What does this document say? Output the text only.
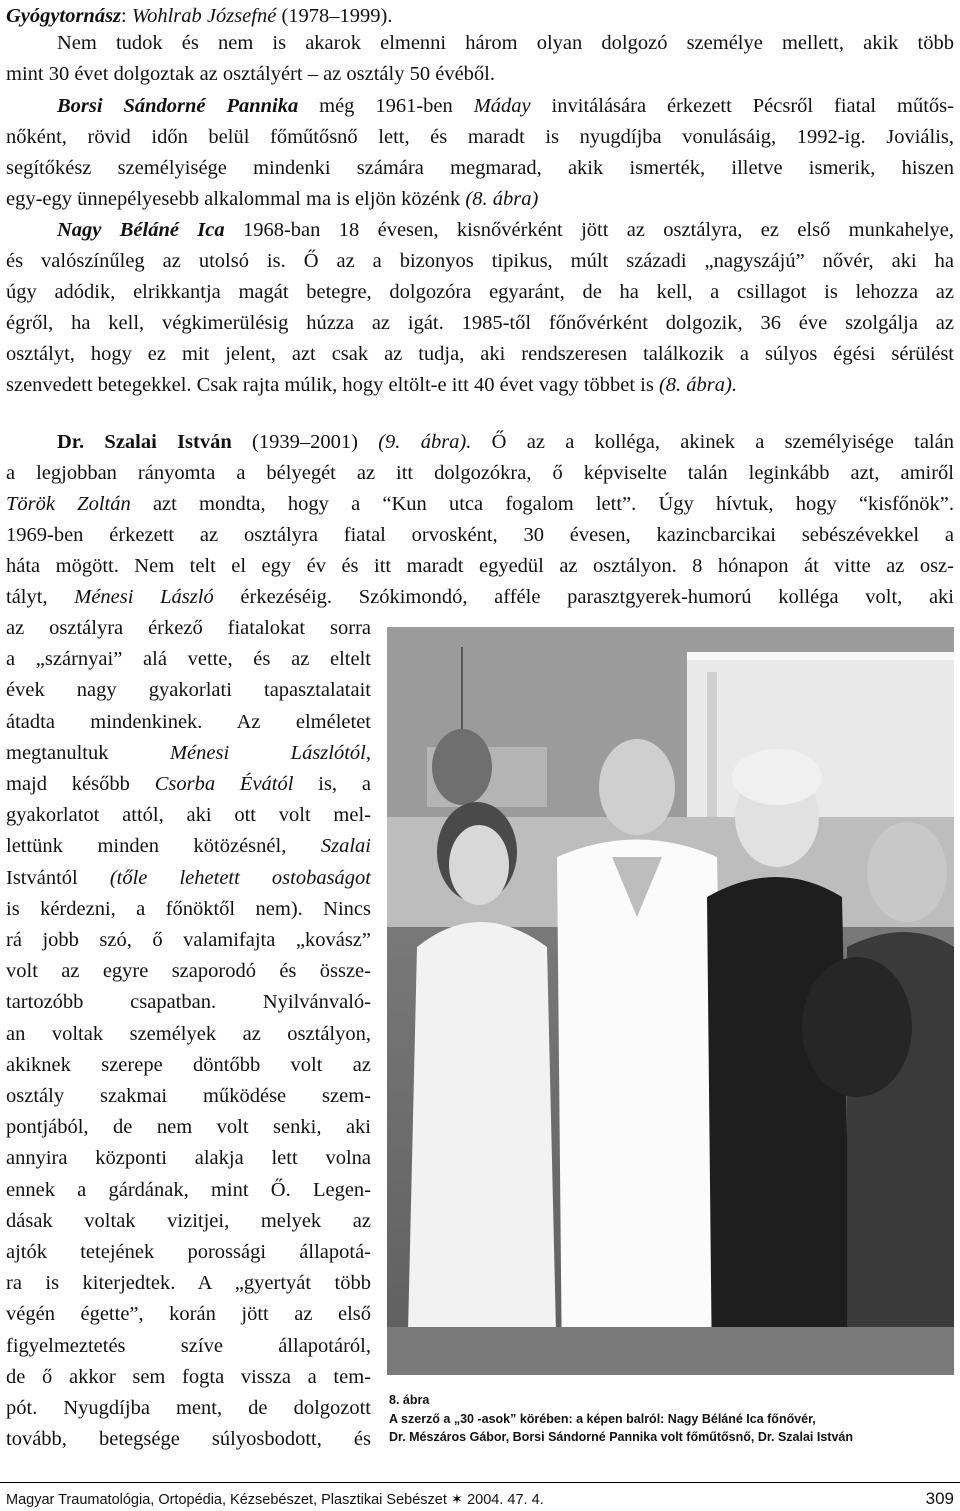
Gyógytornász: Wohlrab Józsefné (1978–1999).
Nem tudok és nem is akarok elmenni három olyan dolgozó személye mellett, akik több
mint 30 évet dolgoztak az osztályért – az osztály 50 évéből.
Borsi Sándorné Pannika még 1961-ben Máday invitálására érkezett Pécsről fiatal műtős-
nőként, rövid időn belül főműtősnő lett, és maradt is nyugdíjba vonulásáig, 1992-ig. Joviális,
segítőkész személyisége mindenki számára megmarad, akik ismerték, illetve ismerik, hiszen
egy-egy ünnepélyesebb alkalommal ma is eljön közénk (8. ábra)
Nagy Béláné Ica 1968-ban 18 évesen, kisnővérként jött az osztályra, ez első munkahelye,
és valószínűleg az utolsó is. Ő az a bizonyos tipikus, múlt századi „nagyszájú” nővér, aki ha
úgy adódik, elrikkantja magát betegre, dolgozóra egyaránt, de ha kell, a csillagot is lehozza az
égről, ha kell, végkimerülésig húzza az igát. 1985-től főnővérként dolgozik, 36 éve szolgálja az
osztályt, hogy ez mit jelent, azt csak az tudja, aki rendszeresen találkozik a súlyos égési sérülést
szenvedett betegekkel. Csak rajta múlik, hogy eltölt-e itt 40 évet vagy többet is (8. ábra).
Dr. Szalai István (1939–2001) (9. ábra). Ő az a kolléga, akinek a személyisége talán
a legjobban rányomta a bélyegét az itt dolgozókra, ő képviselte talán leginkább azt, amiről
Török Zoltán azt mondta, hogy a “Kun utca fogalom lett”. Úgy hívtuk, hogy “kisfőnök”.
1969-ben érkezett az osztályra fiatal orvosként, 30 évesen, kazincbarcikai sebészévekkel a
háta mögött. Nem telt el egy év és itt maradt egyedül az osztályon. 8 hónapon át vitte az osz-
tályt, Ménesi László érkezéséig. Szókimondó, afféle parasztgyerek-humorú kolléga volt, aki
az osztályra érkező fiatalokat sorra
a „szárnyai” alá vette, és az eltelt
évek nagy gyakorlati tapasztalatait
átadta mindenkinek. Az elméletet
megtanultuk Ménesi Lászlótól,
majd később Csorba Évától is, a
gyakorlatot attól, aki ott volt mel-
lettünk minden kötözésnél, Szalai
Istvántól (tőle lehetett ostobaságot
is kérdezni, a főnöktől nem). Nincs
rá jobb szó, ő valamifajta „kovász”
volt az egyre szaporodó és össze-
tartozóbb csapatban. Nyilvánvaló-
an voltak személyek az osztályon,
akiknek szerepe döntőbb volt az
osztály szakmai működése szem-
pontjából, de nem volt senki, aki
annyira központi alakja lett volna
ennek a gárdának, mint Ő. Legen-
dásak voltak vizitjei, melyek az
ajtók tetejének porossági állapotá-
ra is kiterjedtek. A „gyertyát több
végén égette”, korán jött az első
figyelmeztetés szíve állapotáról,
de ő akkor sem fogta vissza a tem-
pót. Nyugdíjba ment, de dolgozott
tovább, betegsége súlyosbodott, és
8. ábra
A szerző a „30 -asok” körében: a képen balról: Nagy Béláné Ica főnővér,
Dr. Mészáros Gábor, Borsi Sándorné Pannika volt főműtősnő, Dr. Szalai István
Magyar Traumatológia, Ortopédia, Kézsebészet, Plasztikai Sebészet ✶ 2004. 47. 4.	309
